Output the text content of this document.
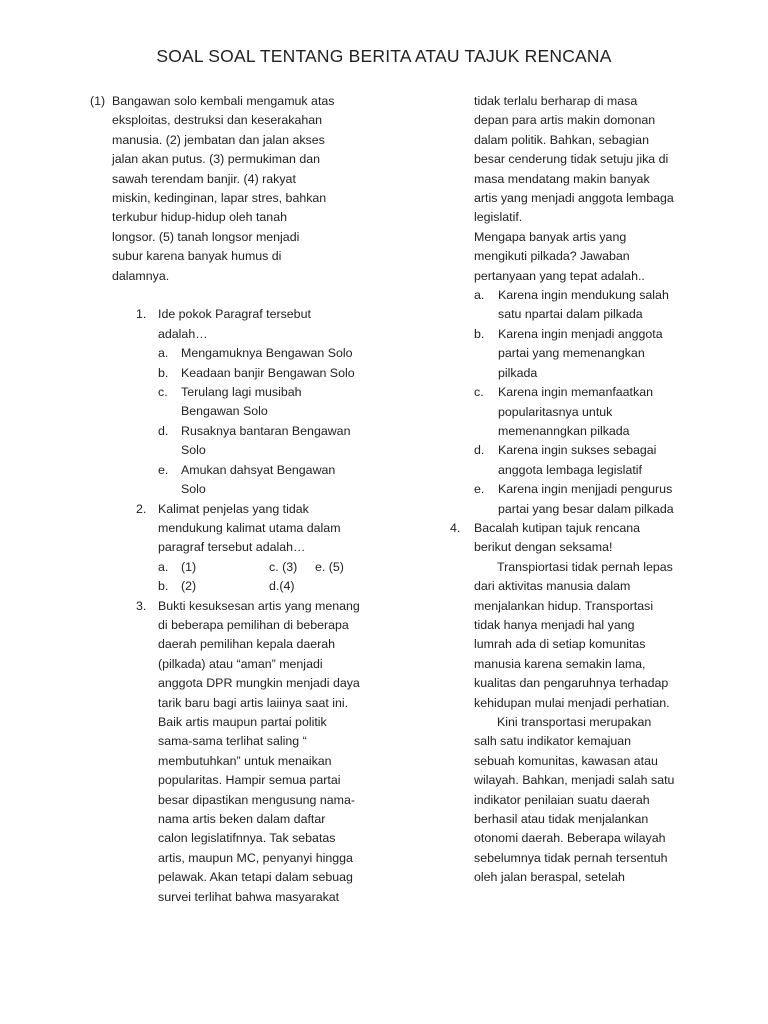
SOAL SOAL TENTANG BERITA ATAU TAJUK RENCANA
(1) Bangawan solo kembali mengamuk atas
eksploitas, destruksi dan keserakahan
manusia. (2) jembatan dan jalan akses
jalan akan putus. (3) permukiman dan
sawah terendam banjir. (4) rakyat
miskin, kedinginan, lapar stres, bahkan
terkubur hidup-hidup oleh tanah
longsor. (5) tanah longsor menjadi
subur karena banyak humus di
dalamnya.
1. Ide pokok Paragraf tersebut
adalah…
a. Mengamuknya Bengawan Solo
b. Keadaan banjir Bengawan Solo
c. Terulang lagi musibah
Bengawan Solo
d. Rusaknya bantaran Bengawan
Solo
e. Amukan dahsyat Bengawan
Solo
2. Kalimat penjelas yang tidak
mendukung kalimat utama dalam
paragraf tersebut adalah…
a.	(1)	c. (3)	e. (5)
b.	(2)	d.(4)
3. Bukti kesuksesan artis yang menang
di beberapa pemilihan di beberapa
daerah pemilihan kepala daerah
(pilkada) atau “aman” menjadi
anggota DPR mungkin menjadi daya
tarik baru bagi artis laiinya saat ini.
Baik artis maupun partai politik
sama-sama terlihat saling “
membutuhkan” untuk menaikan
popularitas. Hampir semua partai
besar dipastikan mengusung nama-
nama artis beken dalam daftar
calon legislatifnnya. Tak sebatas
artis, maupun MC, penyanyi hingga
pelawak. Akan tetapi dalam sebuag
survei terlihat bahwa masyarakat
tidak terlalu berharap di masa
depan para artis makin domonan
dalam politik. Bahkan, sebagian
besar cenderung tidak setuju jika di
masa mendatang makin banyak
artis yang menjadi anggota lembaga
legislatif.
Mengapa banyak artis yang
mengikuti pilkada? Jawaban
pertanyaan yang tepat adalah..
a. Karena ingin mendukung salah
satu npartai dalam pilkada
b. Karena ingin menjadi anggota
partai yang memenangkan
pilkada
c. Karena ingin memanfaatkan
popularitasnya untuk
memenanngkan pilkada
d. Karena ingin sukses sebagai
anggota lembaga legislatif
e. Karena ingin menjjadi pengurus
partai yang besar dalam pilkada
4. Bacalah kutipan tajuk rencana
berikut dengan seksama!
Transpiortasi tidak pernah lepas
dari aktivitas manusia dalam
menjalankan hidup. Transportasi
tidak hanya menjadi hal yang
lumrah ada di setiap komunitas
manusia karena semakin lama,
kualitas dan pengaruhnya terhadap
kehidupan mulai menjadi perhatian.
Kini transportasi merupakan
salh satu indikator kemajuan
sebuah komunitas, kawasan atau
wilayah. Bahkan, menjadi salah satu
indikator penilaian suatu daerah
berhasil atau tidak menjalankan
otonomi daerah. Beberapa wilayah
sebelumnya tidak pernah tersentuh
oleh jalan beraspal, setelah
